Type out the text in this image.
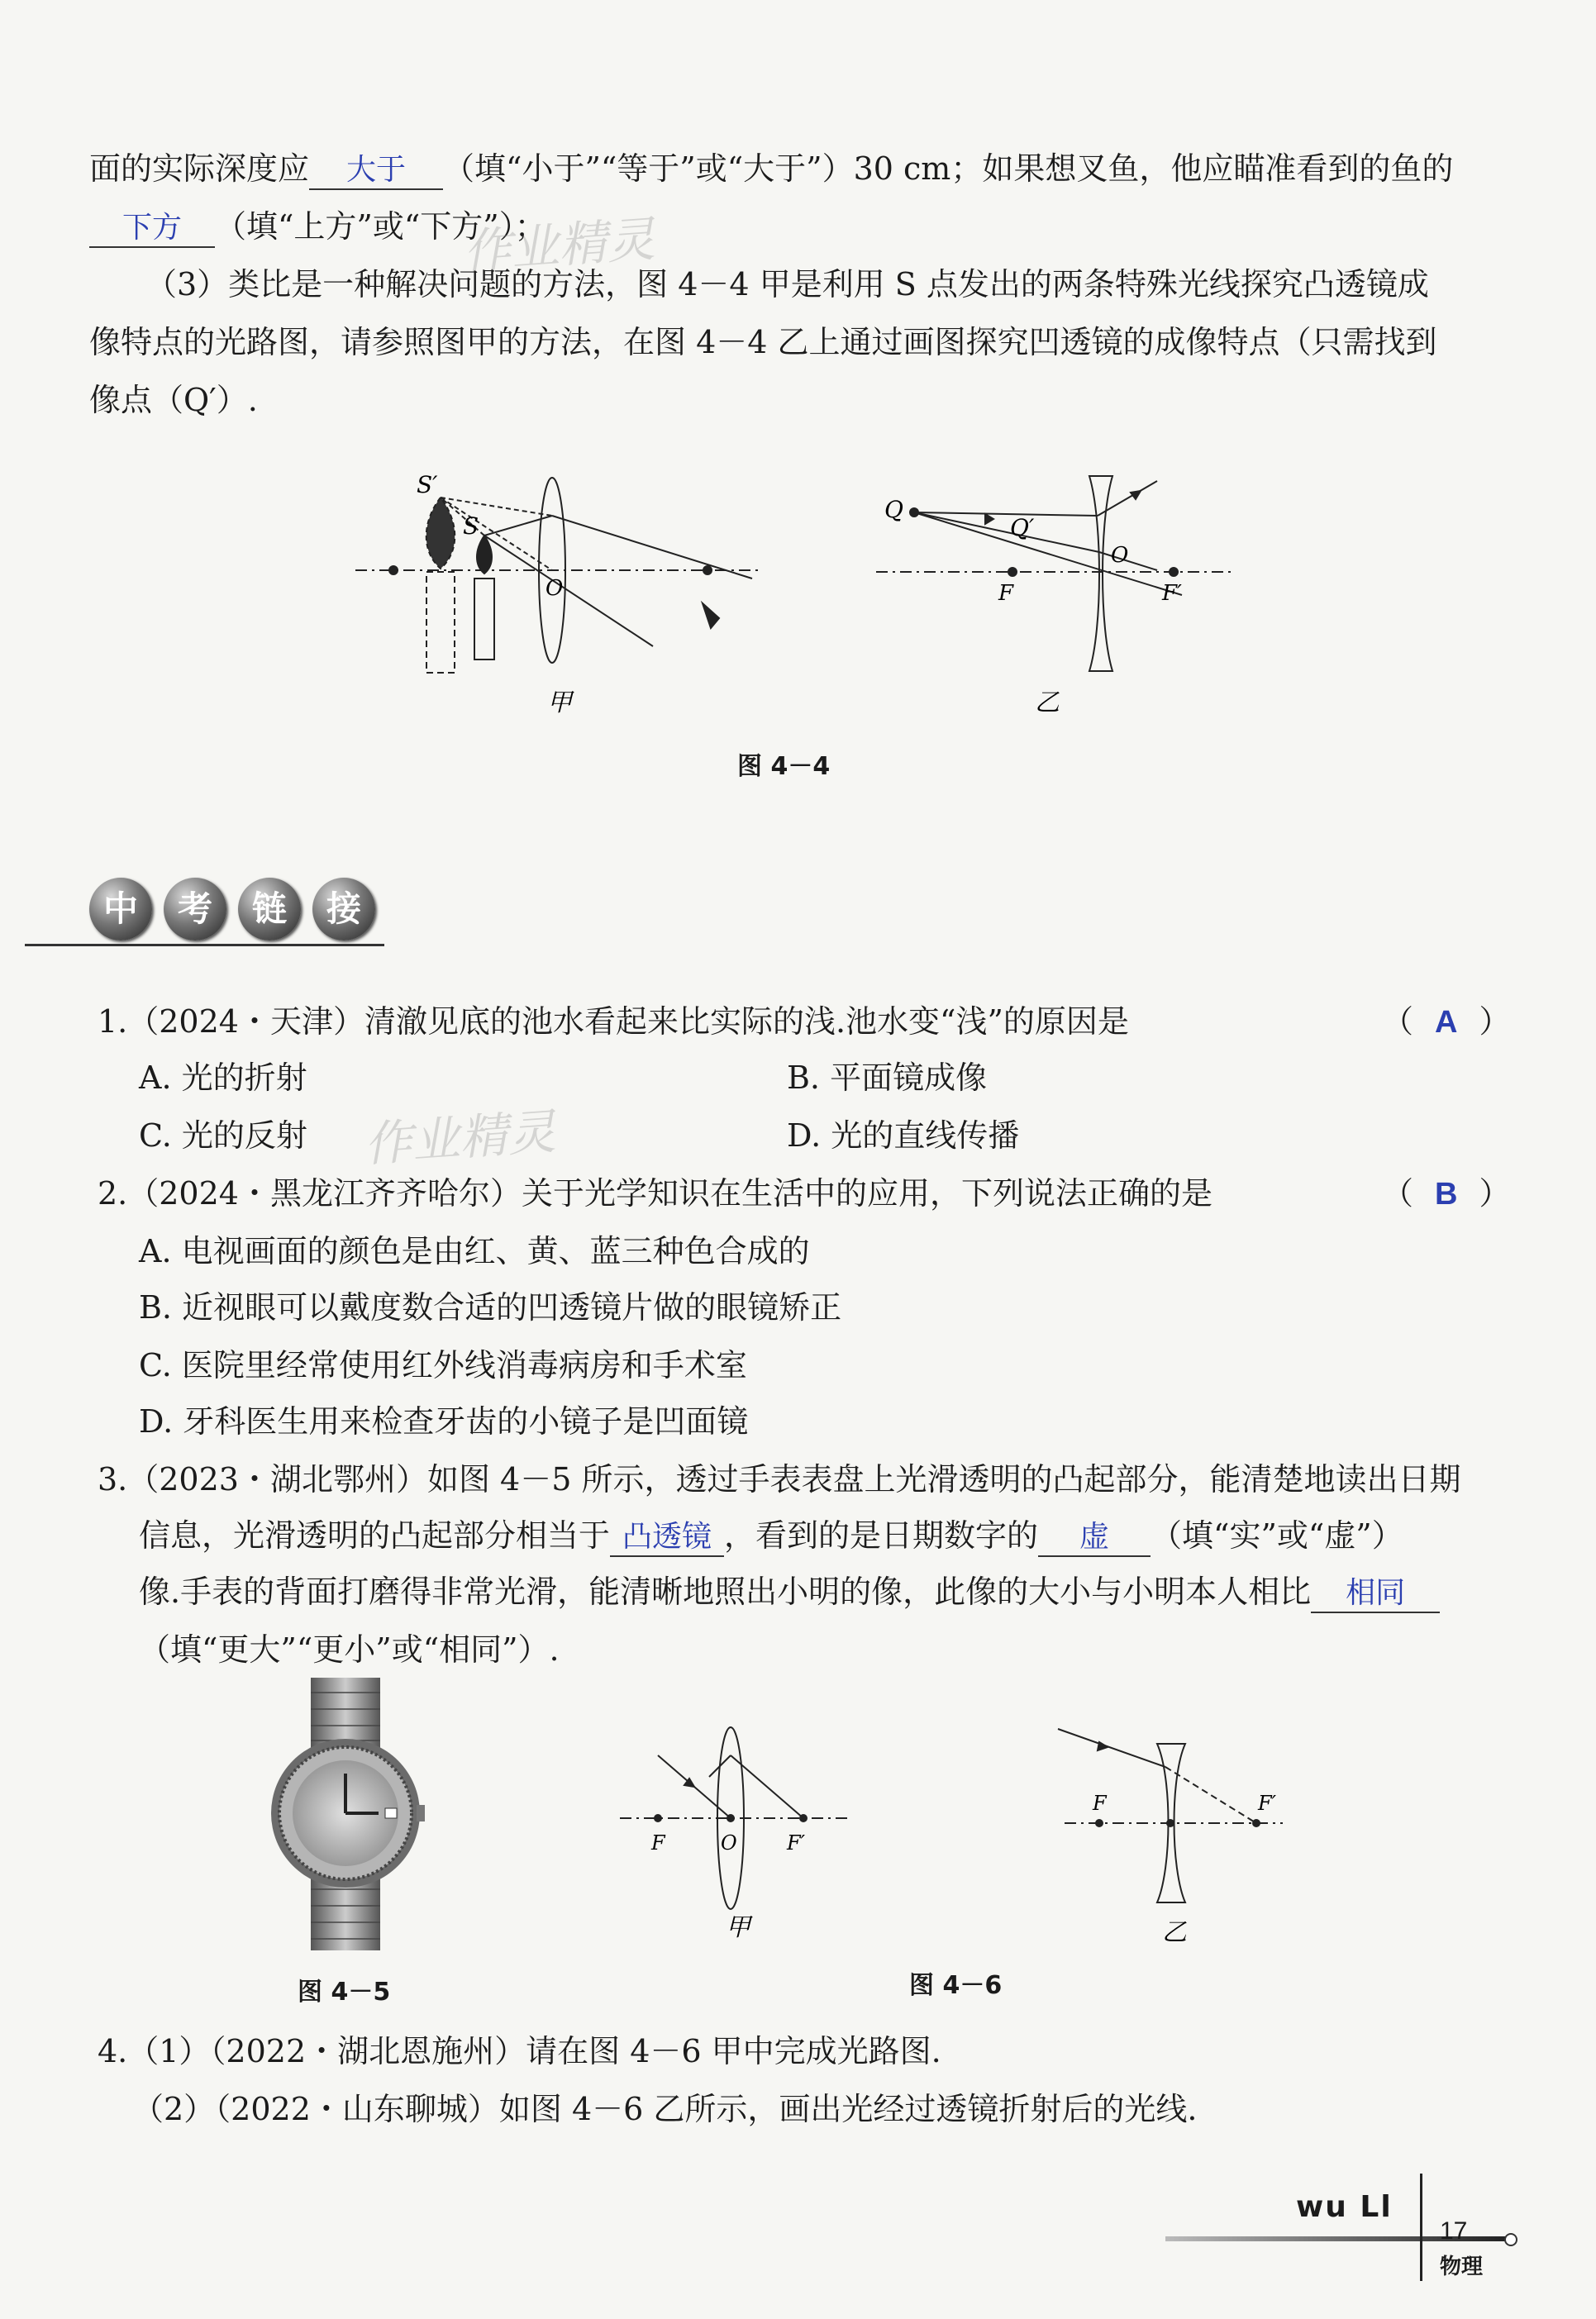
面的实际深度应 大于 （填“小于”“等于”或“大于”）30 cm；如果想叉鱼，他应瞄准看到的鱼的
下方 （填“上方”或“下方”）；
（3）类比是一种解决问题的方法，图 4－4 甲是利用 S 点发出的两条特殊光线探究凸透镜成
像特点的光路图，请参照图甲的方法，在图 4－4 乙上通过画图探究凹透镜的成像特点（只需找到
像点（Q′）.
作业精灵
S′
S
O
甲
Q
Q′
O
F	F′
乙
图 4－4
中	考	链	接
1.（2024・天津）清澈见底的池水看起来比实际的浅.池水变“浅”的原因是	（ A ）
A. 光的折射	B. 平面镜成像
C. 光的反射	D. 光的直线传播
作业精灵
2.（2024・黑龙江齐齐哈尔）关于光学知识在生活中的应用，下列说法正确的是	（ B ）
A. 电视画面的颜色是由红、黄、蓝三种色合成的
B. 近视眼可以戴度数合适的凹透镜片做的眼镜矫正
C. 医院里经常使用红外线消毒病房和手术室
D. 牙科医生用来检查牙齿的小镜子是凹面镜
3.（2023・湖北鄂州）如图 4－5 所示，透过手表表盘上光滑透明的凸起部分，能清楚地读出日期
信息，光滑透明的凸起部分相当于 凸透镜 ，看到的是日期数字的 虚 （填“实”或“虚”）
像.手表的背面打磨得非常光滑，能清晰地照出小明的像，此像的大小与小明本人相比 相同
（填“更大”“更小”或“相同”）.
图 4－5
F	O	F′
甲
F	F′
乙
图 4－6
4.（1）（2022・湖北恩施州）请在图 4－6 甲中完成光路图.
（2）（2022・山东聊城）如图 4－6 乙所示，画出光经过透镜折射后的光线.
wu Ll
17
物理
